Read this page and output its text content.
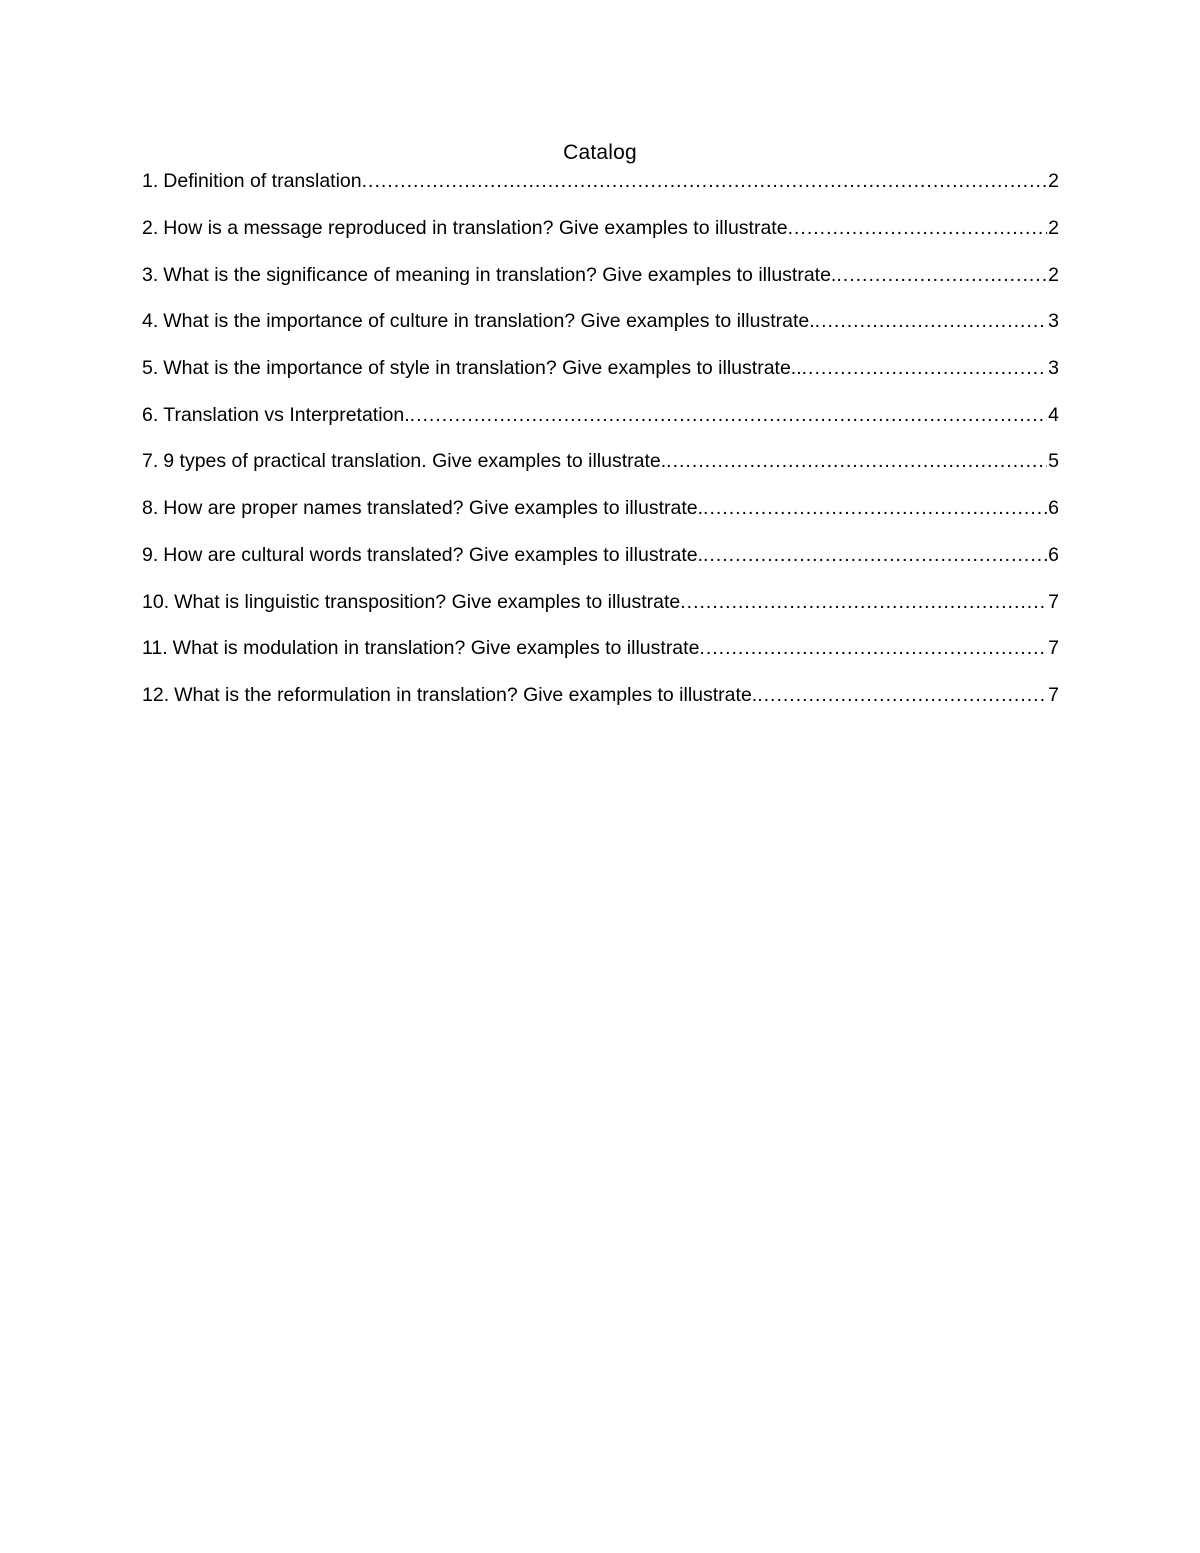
Catalog
1. Definition of translation .....	2
2. How is a message reproduced in translation? Give examples to illustrate .....	2
3. What is the significance of meaning in translation? Give examples to illustrate. .....	2
4. What is the importance of culture in translation? Give examples to illustrate. .....	3
5. What is the importance of style in translation? Give examples to illustrate.. .....	3
6. Translation vs Interpretation. .....	4
7. 9 types of practical translation. Give examples to illustrate. .....	5
8. How are proper names translated? Give examples to illustrate. .....	6
9. How are cultural words translated? Give examples to illustrate. .....	6
10. What is linguistic transposition? Give examples to illustrate .....	7
11. What is modulation in translation? Give examples to illustrate .....	7
12. What is the reformulation in translation? Give examples to illustrate. .....	7
